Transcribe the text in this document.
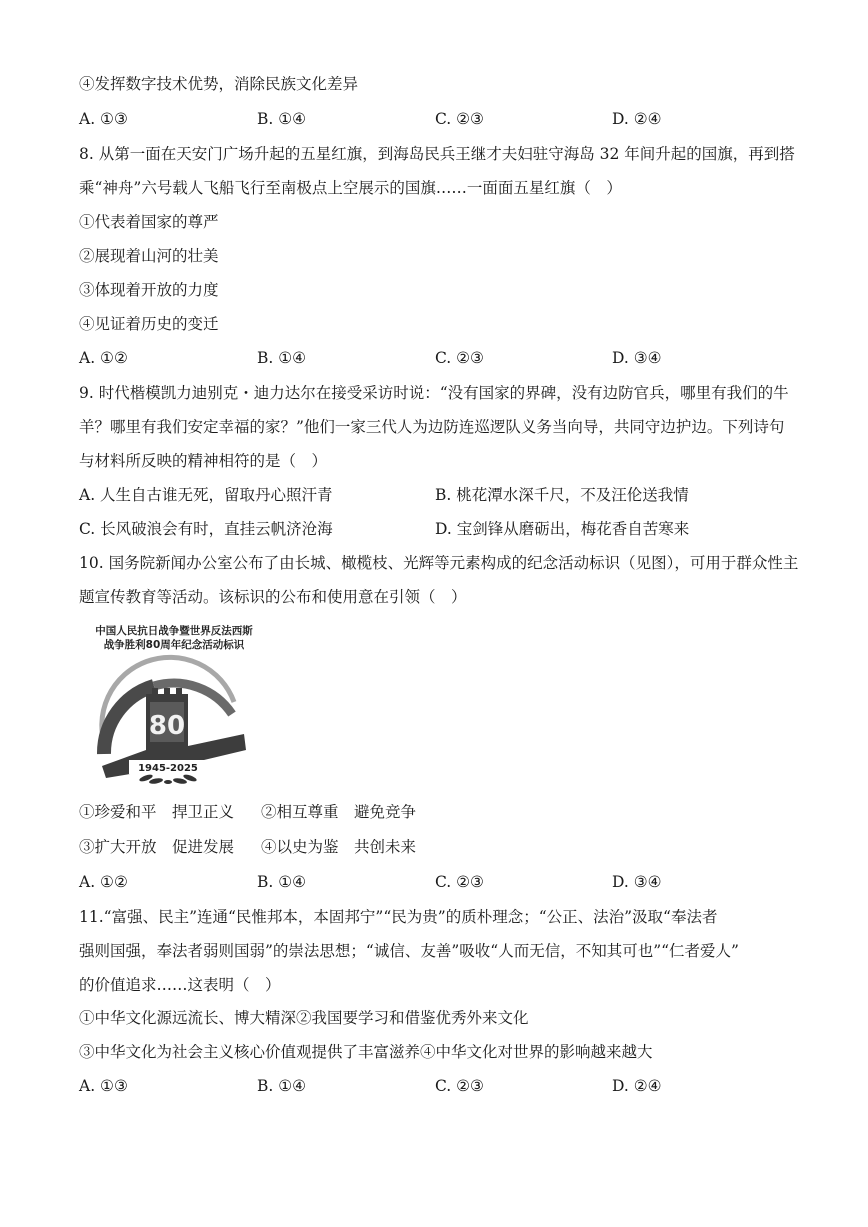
④发挥数字技术优势，消除民族文化差异
A. ①③	B. ①④	C. ②③	D. ②④
8. 从第一面在天安门广场升起的五星红旗，到海岛民兵王继才夫妇驻守海岛 32 年间升起的国旗，再到搭
乘“神舟”六号载人飞船飞行至南极点上空展示的国旗……一面面五星红旗（　）
①代表着国家的尊严
②展现着山河的壮美
③体现着开放的力度
④见证着历史的变迁
A. ①②	B. ①④	C. ②③	D. ③④
9. 时代楷模凯力迪别克・迪力达尔在接受采访时说：“没有国家的界碑，没有边防官兵，哪里有我们的牛
羊？哪里有我们安定幸福的家？”他们一家三代人为边防连巡逻队义务当向导，共同守边护边。下列诗句
与材料所反映的精神相符的是（　）
A. 人生自古谁无死，留取丹心照汗青	B. 桃花潭水深千尺，不及汪伦送我情
C. 长风破浪会有时，直挂云帆济沧海	D. 宝剑锋从磨砺出，梅花香自苦寒来
10. 国务院新闻办公室公布了由长城、橄榄枝、光辉等元素构成的纪念活动标识（见图），可用于群众性主
题宣传教育等活动。该标识的公布和使用意在引领（　）
中国人民抗日战争暨世界反法西斯
战争胜利80周年纪念活动标识
80
1945-2025
①珍爱和平　捍卫正义 ②相互尊重　避免竞争
③扩大开放　促进发展 ④以史为鉴　共创未来
A. ①②	B. ①④	C. ②③	D. ③④
11.“富强、民主”连通“民惟邦本，本固邦宁”“民为贵”的质朴理念；“公正、法治”汲取“奉法者
强则国强，奉法者弱则国弱”的崇法思想；“诚信、友善”吸收“人而无信，不知其可也”“仁者爱人”
的价值追求……这表明（　）
①中华文化源远流长、博大精深②我国要学习和借鉴优秀外来文化
③中华文化为社会主义核心价值观提供了丰富滋养④中华文化对世界的影响越来越大
A. ①③	B. ①④	C. ②③	D. ②④
